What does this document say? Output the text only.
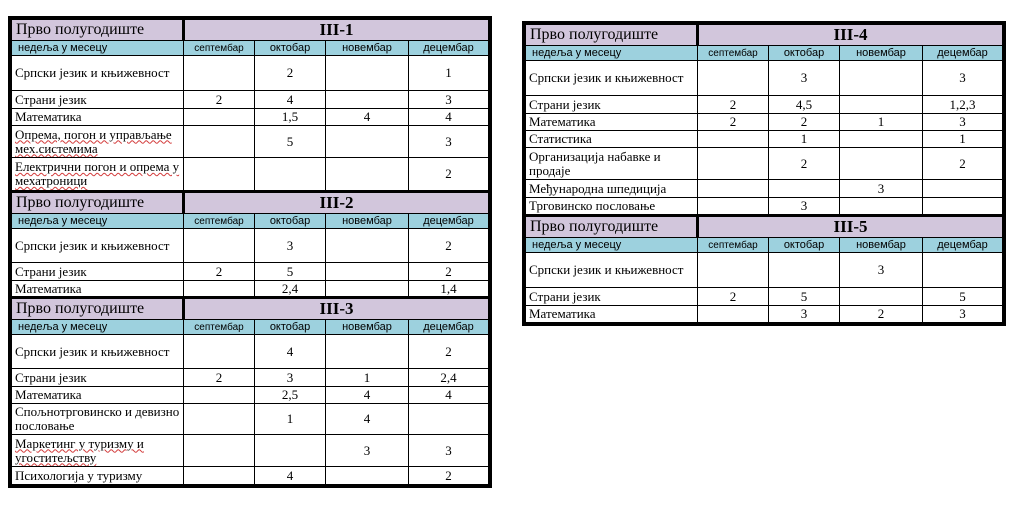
Прво полугодиште	III-1			
недеља у месецу	септембар	октобар	новембар	децембар
Српски језик и књижевност		2		1
Страни језик	2	4		3
Математика		1,5	4	4
Опрема, погон и управљање мех.системима		5		3
Електрични погон и опрема у мехатроници				2
Прво полугодиште	III-2			
недеља у месецу	септембар	октобар	новембар	децембар
Српски језик и књижевност		3		2
Страни језик	2	5		2
Математика		2,4		1,4
Прво полугодиште	III-3			
недеља у месецу	септембар	октобар	новембар	децембар
Српски језик и књижевност		4		2
Страни језик	2	3	1	2,4
Математика		2,5	4	4
Спољнотрговинско и девизно пословање		1	4	
Маркетинг у туризму и угоститељству			3	3
Психологија у туризму		4		2
Прво полугодиште	III-4			
недеља у месецу	септембар	октобар	новембар	децембар
Српски језик и књижевност		3		3
Страни језик	2	4,5		1,2,3
Математика	2	2	1	3
Статистика		1		1
Организација набавке и продаје		2		2
Међународна шпедиција			3	
Трговинско пословање		3		
Прво полугодиште	III-5			
недеља у месецу	септембар	октобар	новембар	децембар
Српски језик и књижевност			3	
Страни језик	2	5		5
Математика		3	2	3
